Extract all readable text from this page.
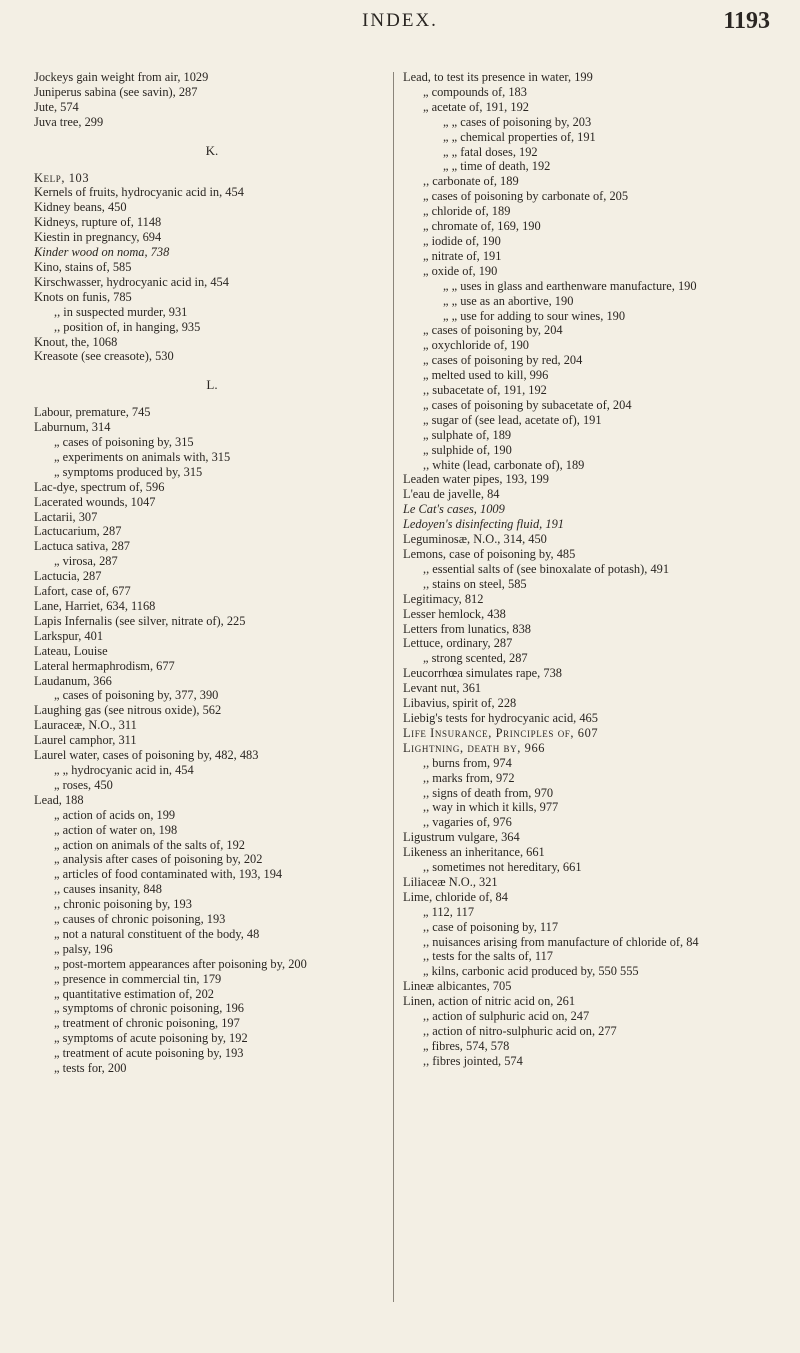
INDEX.	1193
Jockeys gain weight from air, 1029
Juniperus sabina (see savin), 287
Jute, 574
Juva tree, 299
K.
Kelp, 103
Kernels of fruits, hydrocyanic acid in, 454
Kidney beans, 450
Kidneys, rupture of, 1148
Kiestin in pregnancy, 694
Kinder wood on noma, 738
Kino, stains of, 585
Kirschwasser, hydrocyanic acid in, 454
Knots on funis, 785
,, in suspected murder, 931
,, position of, in hanging, 935
Knout, the, 1068
Kreasote (see creasote), 530
L.
Labour, premature, 745
Laburnum, 314
„ cases of poisoning by, 315
„ experiments on animals with, 315
„ symptoms produced by, 315
Lac-dye, spectrum of, 596
Lacerated wounds, 1047
Lactarii, 307
Lactucarium, 287
Lactuca sativa, 287
„ virosa, 287
Lactucia, 287
Lafort, case of, 677
Lane, Harriet, 634, 1168
Lapis Infernalis (see silver, nitrate of), 225
Larkspur, 401
Lateau, Louise
Lateral hermaphrodism, 677
Laudanum, 366
„ cases of poisoning by, 377, 390
Laughing gas (see nitrous oxide), 562
Lauraceæ, N.O., 311
Laurel camphor, 311
Laurel water, cases of poisoning by, 482, 483
„ „ hydrocyanic acid in, 454
„ roses, 450
Lead, 188
„ action of acids on, 199
„ action of water on, 198
„ action on animals of the salts of, 192
„ analysis after cases of poisoning by, 202
„ articles of food contaminated with, 193, 194
,, causes insanity, 848
,, chronic poisoning by, 193
„ causes of chronic poisoning, 193
„ not a natural constituent of the body, 48
„ palsy, 196
„ post-mortem appearances after poisoning by, 200
„ presence in commercial tin, 179
„ quantitative estimation of, 202
„ symptoms of chronic poisoning, 196
„ treatment of chronic poisoning, 197
„ symptoms of acute poisoning by, 192
„ treatment of acute poisoning by, 193
„ tests for, 200
Lead, to test its presence in water, 199
„ compounds of, 183
„ acetate of, 191, 192
„ „ cases of poisoning by, 203
„ „ chemical properties of, 191
„ „ fatal doses, 192
„ „ time of death, 192
,, carbonate of, 189
„ cases of poisoning by carbonate of, 205
„ chloride of, 189
„ chromate of, 169, 190
„ iodide of, 190
„ nitrate of, 191
„ oxide of, 190
„ „ uses in glass and earthenware manufacture, 190
„ „ use as an abortive, 190
„ „ use for adding to sour wines, 190
„ cases of poisoning by, 204
„ oxychloride of, 190
„ cases of poisoning by red, 204
„ melted used to kill, 996
,, subacetate of, 191, 192
„ cases of poisoning by subacetate of, 204
„ sugar of (see lead, acetate of), 191
„ sulphate of, 189
„ sulphide of, 190
,, white (lead, carbonate of), 189
Leaden water pipes, 193, 199
L'eau de javelle, 84
Le Cat's cases, 1009
Ledoyen's disinfecting fluid, 191
Leguminosæ, N.O., 314, 450
Lemons, case of poisoning by, 485
,, essential salts of (see binoxalate of potash), 491
,, stains on steel, 585
Legitimacy, 812
Lesser hemlock, 438
Letters from lunatics, 838
Lettuce, ordinary, 287
„ strong scented, 287
Leucorrhœa simulates rape, 738
Levant nut, 361
Libavius, spirit of, 228
Liebig's tests for hydrocyanic acid, 465
Life Insurance, Principles of, 607
Lightning, death by, 966
,, burns from, 974
,, marks from, 972
,, signs of death from, 970
,, way in which it kills, 977
,, vagaries of, 976
Ligustrum vulgare, 364
Likeness an inheritance, 661
,, sometimes not hereditary, 661
Liliaceæ N.O., 321
Lime, chloride of, 84
„ 112, 117
,, case of poisoning by, 117
,, nuisances arising from manufacture of chloride of, 84
,, tests for the salts of, 117
„ kilns, carbonic acid produced by, 550 555
Lineæ albicantes, 705
Linen, action of nitric acid on, 261
,, action of sulphuric acid on, 247
,, action of nitro-sulphuric acid on, 277
„ fibres, 574, 578
,, fibres jointed, 574
